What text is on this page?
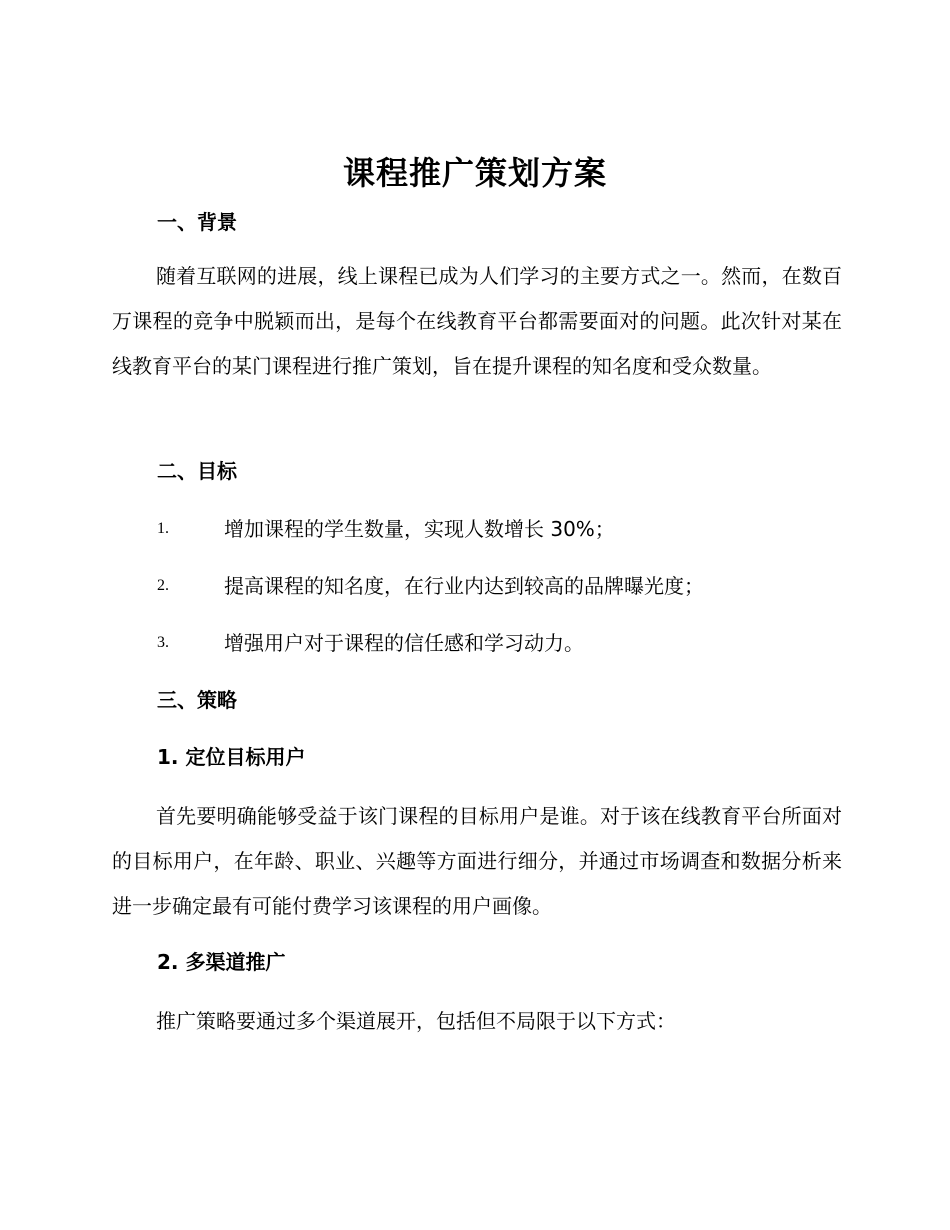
课程推广策划方案
一、背景

随着互联网的进展，线上课程已成为人们学习的主要方式之一。然而，在数百万课程的竞争中脱颖而出，是每个在线教育平台都需要面对的问题。此次针对某在线教育平台的某门课程进行推广策划，旨在提升课程的知名度和受众数量。

二、目标
1.	增加课程的学生数量，实现人数增长 30%；
2.	提高课程的知名度，在行业内达到较高的品牌曝光度；
3.	增强用户对于课程的信任感和学习动力。
三、策略
1. 定位目标用户

首先要明确能够受益于该门课程的目标用户是谁。对于该在线教育平台所面对的目标用户，在年龄、职业、兴趣等方面进行细分，并通过市场调查和数据分析来进一步确定最有可能付费学习该课程的用户画像。

2. 多渠道推广

推广策略要通过多个渠道展开，包括但不局限于以下方式：
